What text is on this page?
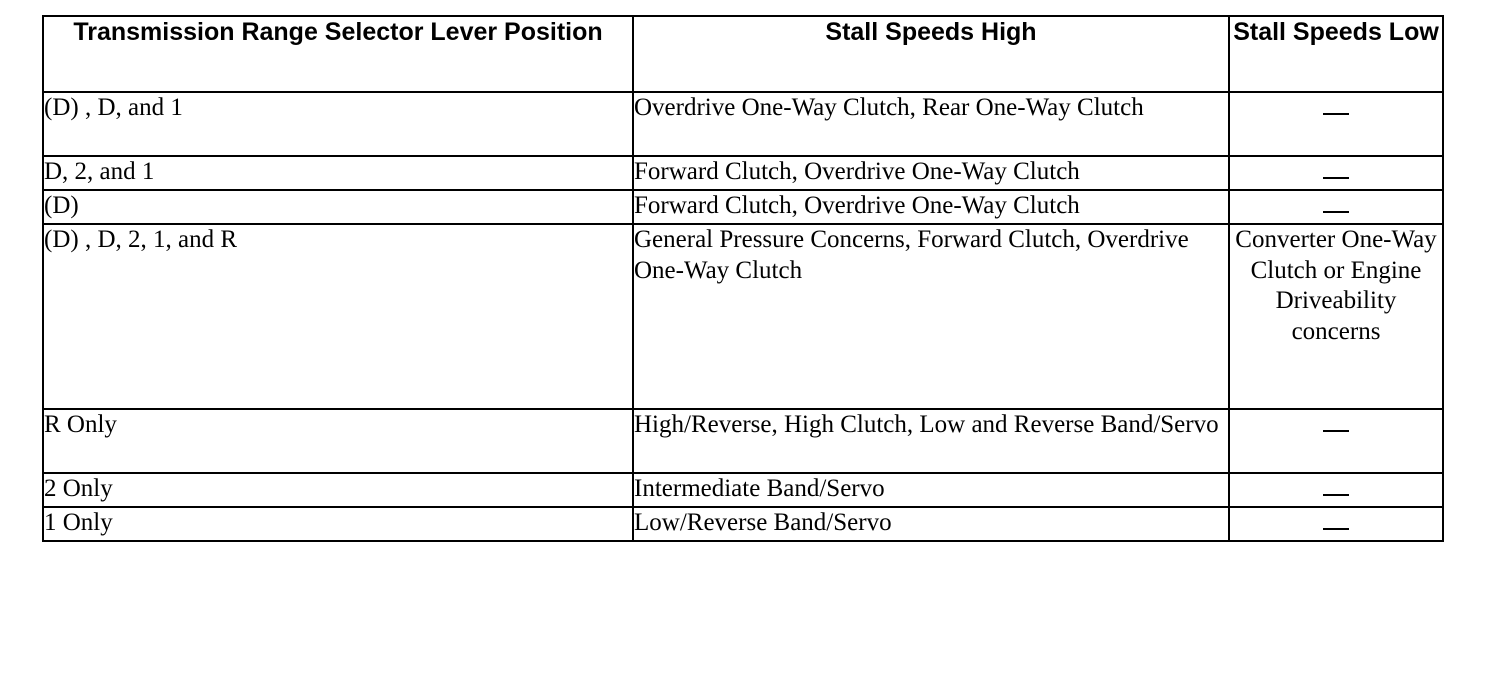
Transmission Range Selector Lever Position	Stall Speeds High	Stall Speeds Low
(D) , D, and 1	Overdrive One-Way Clutch, Rear One-Way Clutch	
D, 2, and 1	Forward Clutch, Overdrive One-Way Clutch	
(D)	Forward Clutch, Overdrive One-Way Clutch	
(D) , D, 2, 1, and R	General Pressure Concerns, Forward Clutch, Overdrive One-Way Clutch	Converter One-Way Clutch or Engine Driveability concerns
R Only	High/Reverse, High Clutch, Low and Reverse Band/Servo	
2 Only	Intermediate Band/Servo	
1 Only	Low/Reverse Band/Servo	
